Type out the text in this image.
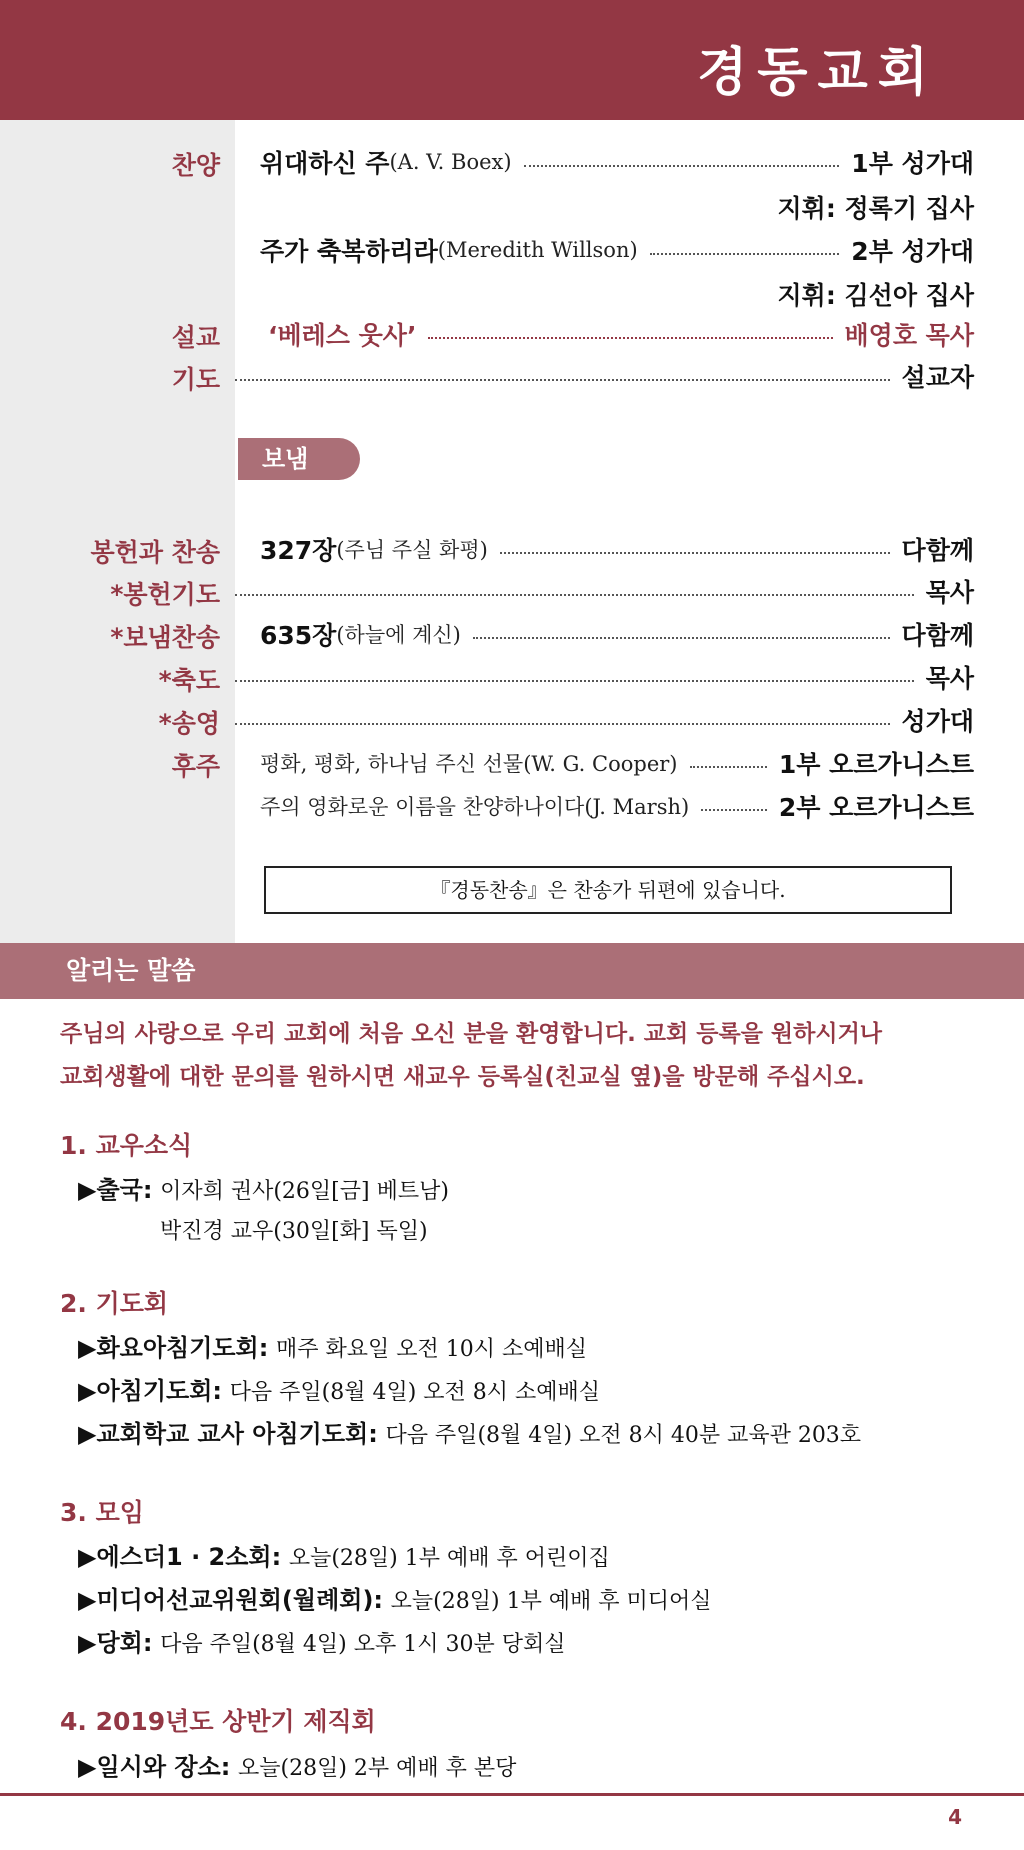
경동교회
찬양 위대하신 주 (A. V. Boex)	1부 성가대
지휘: 정록기 집사
주가 축복하리라 (Meredith Willson)	2부 성가대
지휘: 김선아 집사
설교	‘베레스 웃사’	배영호 목사
기도	설교자
보냄
봉헌과 찬송 327장 (주님 주실 화평)	다함께
*봉헌기도	목사
*보냄찬송 635장 (하늘에 계신)	다함께
*축도	목사
*송영	성가대
후주 평화, 평화, 하나님 주신 선물(W. G. Cooper)	1부 오르가니스트
주의 영화로운 이름을 찬양하나이다(J. Marsh)	2부 오르가니스트
『경동찬송』은 찬송가 뒤편에 있습니다.
알리는 말씀
주님의 사랑으로 우리 교회에 처음 오신 분을 환영합니다. 교회 등록을 원하시거나
교회생활에 대한 문의를 원하시면 새교우 등록실(친교실 옆)을 방문해 주십시오.
1. 교우소식
▶출국: 이자희 권사(26일[금] 베트남)
박진경 교우(30일[화] 독일)
2. 기도회
▶화요아침기도회: 매주 화요일 오전 10시 소예배실
▶아침기도회: 다음 주일(8월 4일) 오전 8시 소예배실
▶교회학교 교사 아침기도회: 다음 주일(8월 4일) 오전 8시 40분 교육관 203호
3. 모임
▶에스더1 · 2소회: 오늘(28일) 1부 예배 후 어린이집
▶미디어선교위원회(월례회): 오늘(28일) 1부 예배 후 미디어실
▶당회: 다음 주일(8월 4일) 오후 1시 30분 당회실
4. 2019년도 상반기 제직회
▶일시와 장소: 오늘(28일) 2부 예배 후 본당
4
